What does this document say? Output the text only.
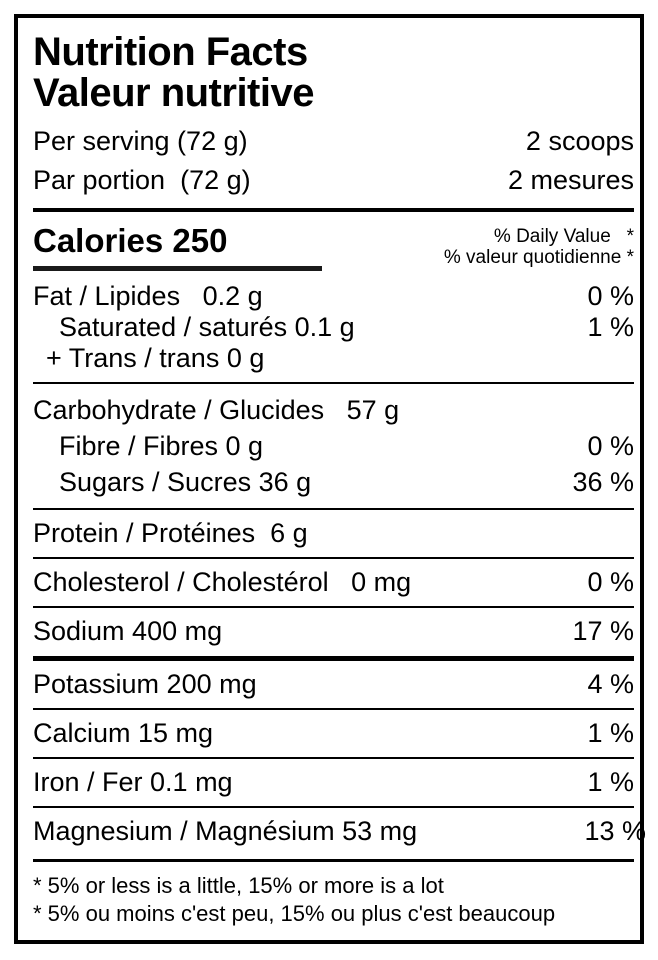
Nutrition Facts
Valeur nutritive
Per serving (72 g)	2 scoops
Par portion  (72 g)	2 mesures
Calories 250	% Daily Value   *
% valeur quotidienne *
Fat / Lipides   0.2 g	0 %
Saturated / saturés 0.1 g	1 %
+ Trans / trans 0 g
Carbohydrate / Glucides   57 g
Fibre / Fibres 0 g	0 %
Sugars / Sucres 36 g	36 %
Protein / Protéines  6 g
Cholesterol / Cholestérol   0 mg	0 %
Sodium 400 mg	17 %
Potassium 200 mg	4 %
Calcium 15 mg	1 %
Iron / Fer 0.1 mg	1 %
Magnesium / Magnésium 53 mg	13 %
* 5% or less is a little, 15% or more is a lot
* 5% ou moins c'est peu, 15% ou plus c'est beaucoup
